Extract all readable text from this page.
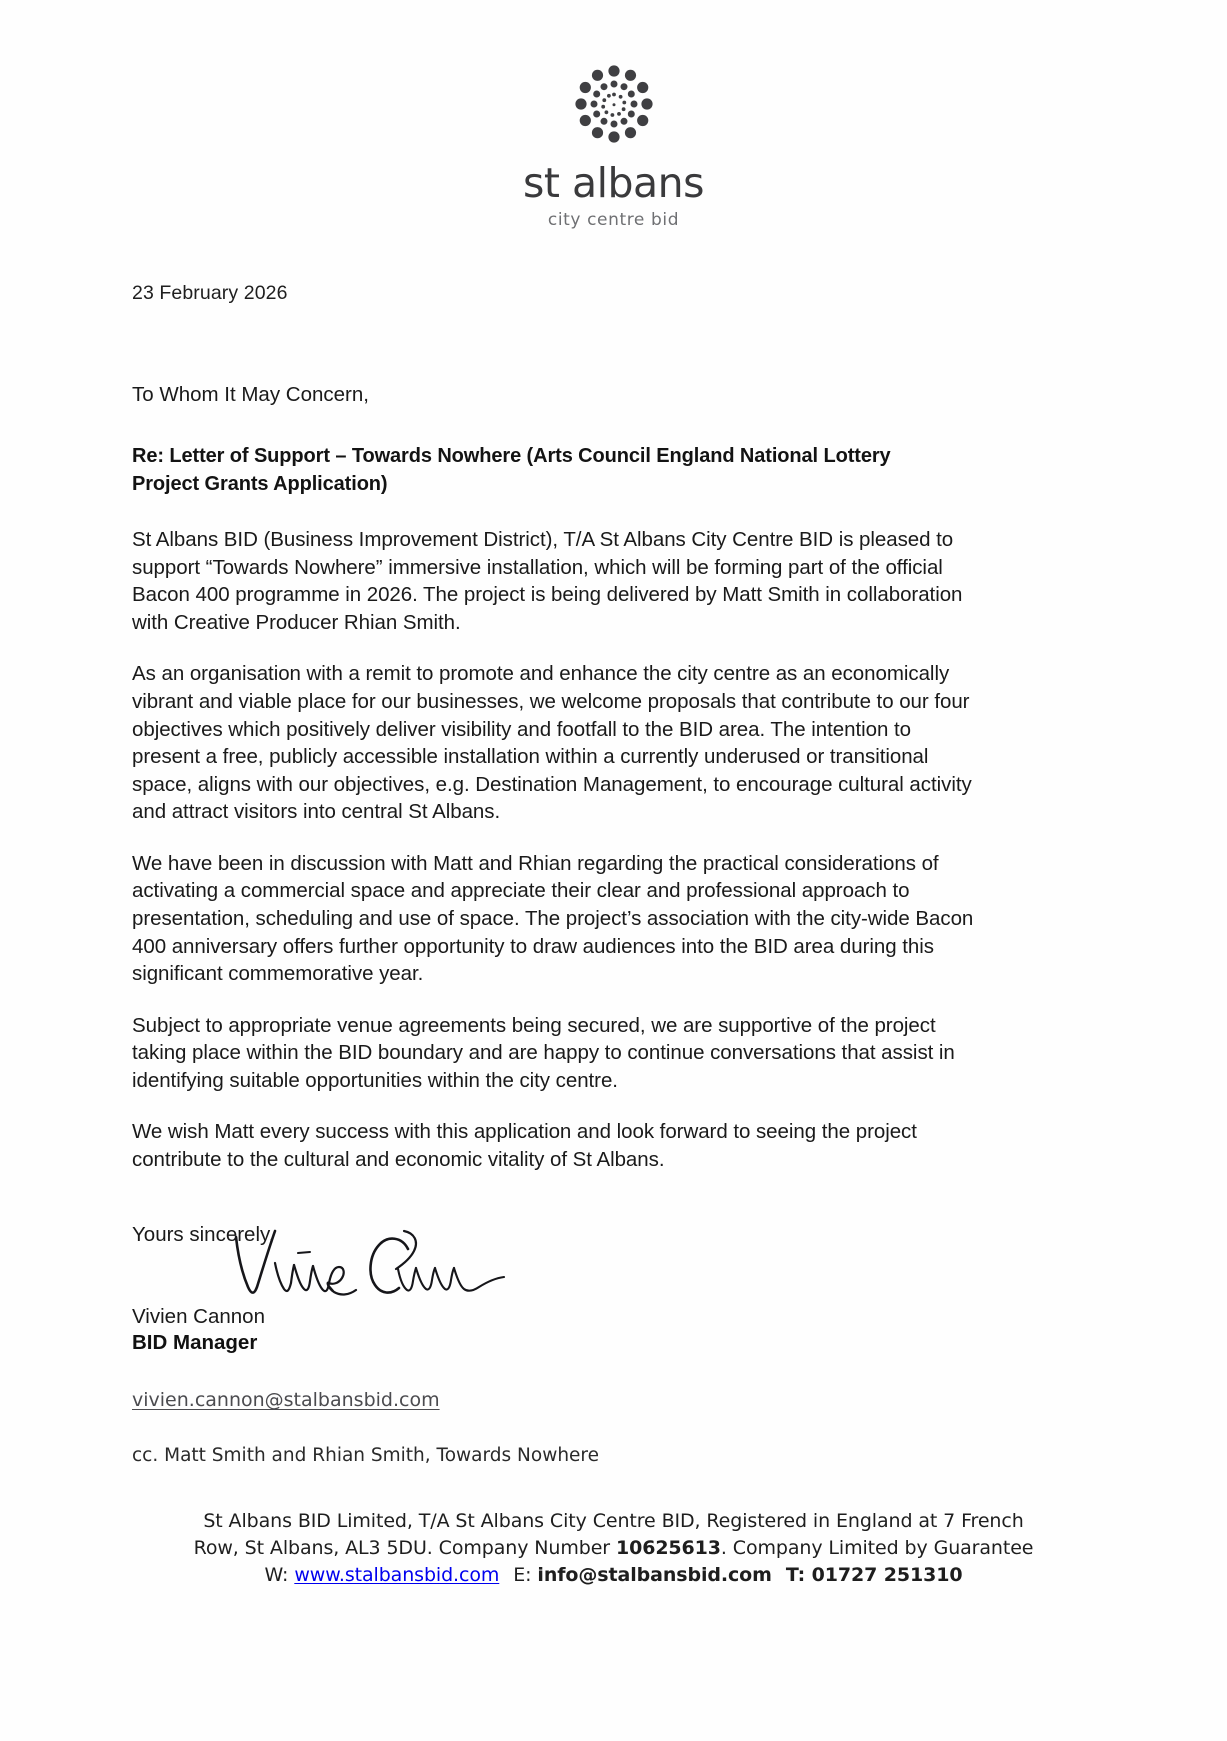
st albans
city centre bid
23 February 2026
To Whom It May Concern,
Re: Letter of Support – Towards Nowhere (Arts Council England National Lottery Project Grants Application)

St Albans BID (Business Improvement District), T/A St Albans City Centre BID is pleased to support “Towards Nowhere” immersive installation, which will be forming part of the official Bacon 400 programme in 2026. The project is being delivered by Matt Smith in collaboration with Creative Producer Rhian Smith.

As an organisation with a remit to promote and enhance the city centre as an economically vibrant and viable place for our businesses, we welcome proposals that contribute to our four objectives which positively deliver visibility and footfall to the BID area. The intention to present a free, publicly accessible installation within a currently underused or transitional space, aligns with our objectives, e.g. Destination Management, to encourage cultural activity and attract visitors into central St Albans.

We have been in discussion with Matt and Rhian regarding the practical considerations of activating a commercial space and appreciate their clear and professional approach to presentation, scheduling and use of space. The project’s association with the city-wide Bacon 400 anniversary offers further opportunity to draw audiences into the BID area during this significant commemorative year.

Subject to appropriate venue agreements being secured, we are supportive of the project taking place within the BID boundary and are happy to continue conversations that assist in identifying suitable opportunities within the city centre.

We wish Matt every success with this application and look forward to seeing the project contribute to the cultural and economic vitality of St Albans.

Yours sincerely,
Vivien Cannon
BID Manager
vivien.cannon@stalbansbid.com
cc. Matt Smith and Rhian Smith, Towards Nowhere
St Albans BID Limited, T/A St Albans City Centre BID, Registered in England at 7 French
Row, St Albans, AL3 5DU. Company Number 10625613. Company Limited by Guarantee
W: www.stalbansbid.com E: info@stalbansbid.com T: 01727 251310
